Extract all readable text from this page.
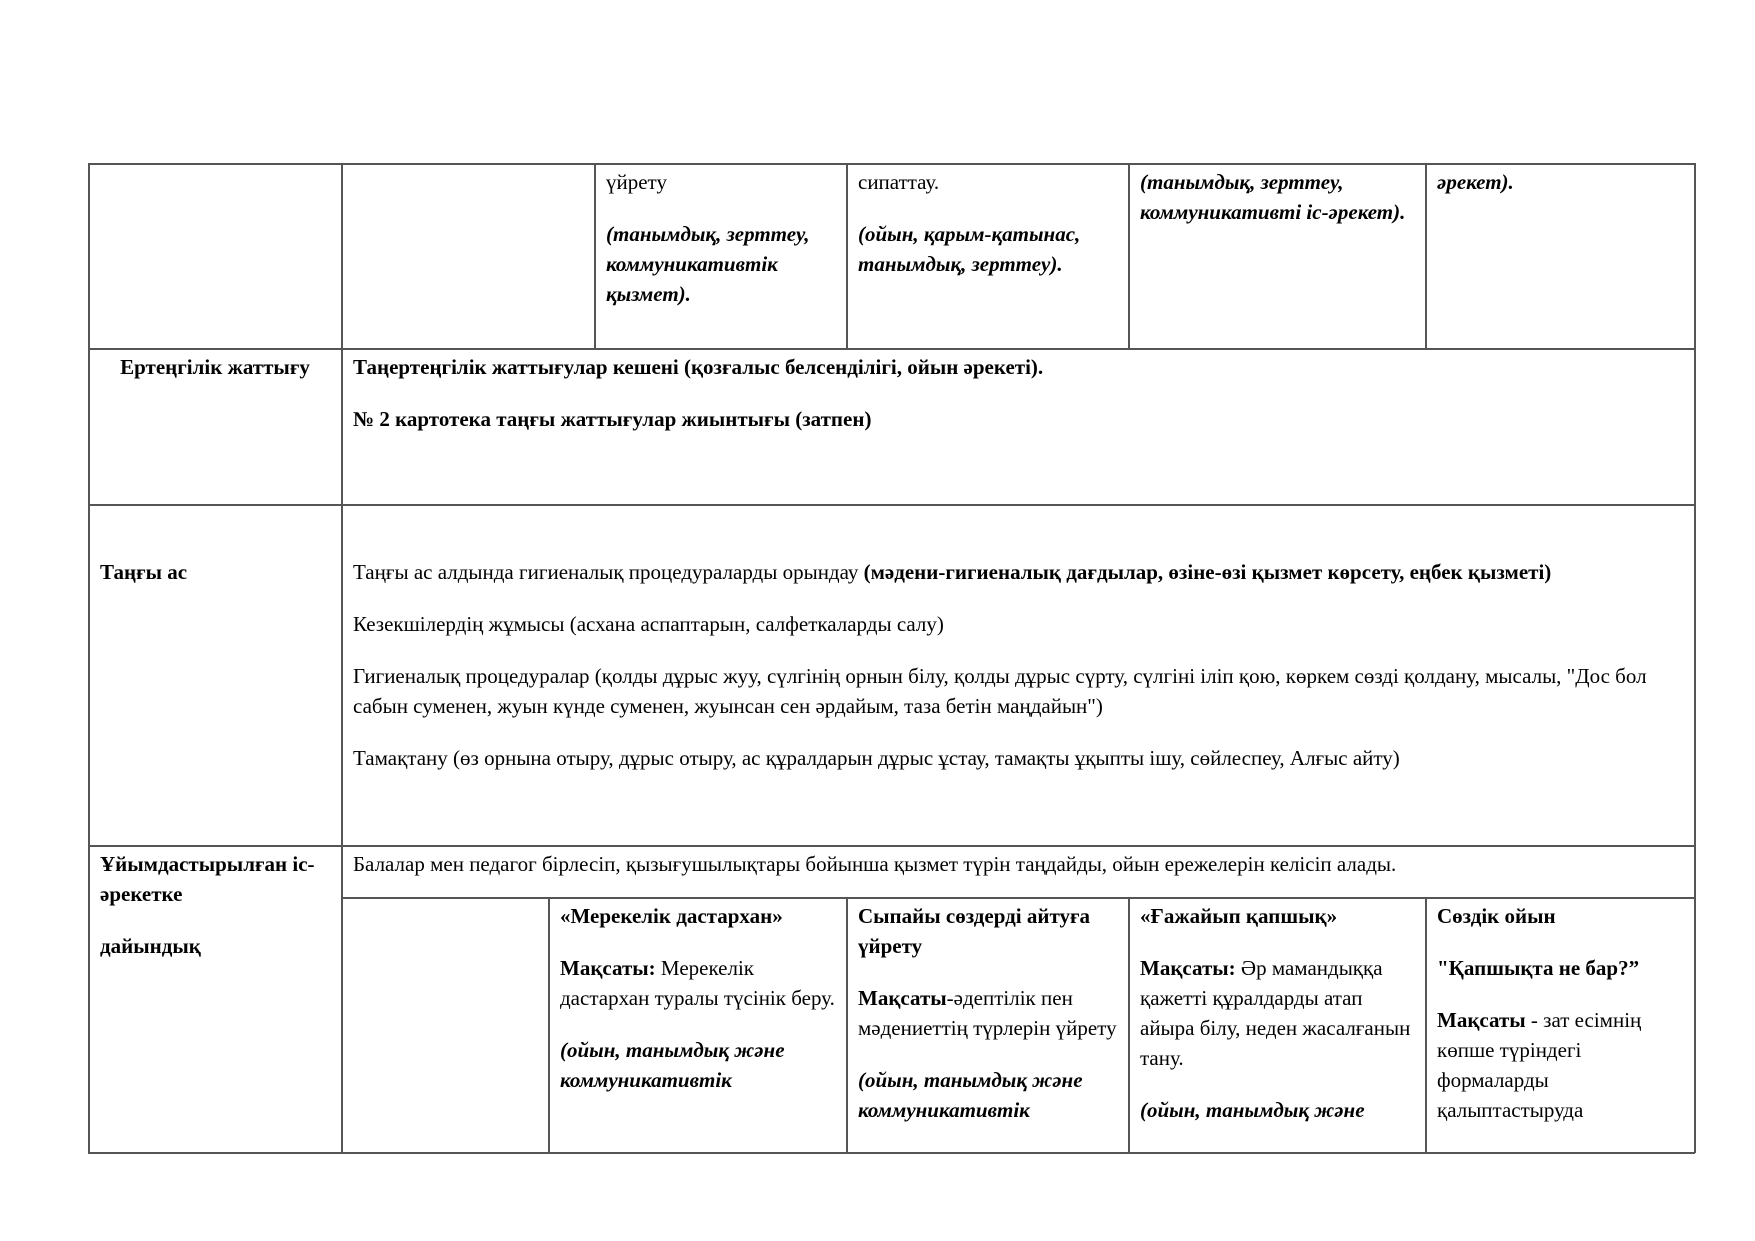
үйрету

(танымдық, зерттеу, коммуникативтік қызмет).

сипаттау.

(ойын, қарым-қатынас, танымдық, зерттеу).

(танымдық, зерттеу, коммуникативті іс-әрекет).

әрекет).

Ертеңгілік жаттығу	Таңертеңгілік жаттығулар кешені (қозғалыс белсенділігі, ойын әрекеті).

№ 2 картотека таңғы жаттығулар жиынтығы (затпен)

Таңғы ас	Таңғы ас алдында гигиеналық процедураларды орындау (мәдени-гигиеналық дағдылар, өзіне-өзі қызмет көрсету, еңбек қызметі)

Кезекшілердің жұмысы (асхана аспаптарын, салфеткаларды салу)

Гигиеналық процедуралар (қолды дұрыс жуу, сүлгінің орнын білу, қолды дұрыс сүрту, сүлгіні іліп қою, көркем сөзді қолдану, мысалы, "Дос бол сабын суменен, жуын күнде суменен, жуынсан сен әрдайым, таза бетін маңдайын")

Тамақтану (өз орнына отыру, дұрыс отыру, ас құралдарын дұрыс ұстау, тамақты ұқыпты ішу, сөйлеспеу, Алғыс айту)

Ұйымдастырылған іс-әрекетке

дайындық

Балалар мен педагог бірлесіп, қызығушылықтары бойынша қызмет түрін таңдайды, ойын ережелерін келісіп алады.

«Мерекелік дастархан»

Мақсаты: Мерекелік дастархан туралы түсінік беру.

(ойын, танымдық және коммуникативтік

Сыпайы сөздерді айтуға үйрету

Мақсаты-әдептілік пен мәдениеттің түрлерін үйрету

(ойын, танымдық және коммуникативтік

«Ғажайып қапшық»

Мақсаты: Әр мамандыққа қажетті құралдарды атап айыра білу, неден жасалғанын тану.

(ойын, танымдық және

Сөздік ойын

"Қапшықта не бар?”

Мақсаты - зат есімнің көпше түріндегі формаларды қалыптастыруда
